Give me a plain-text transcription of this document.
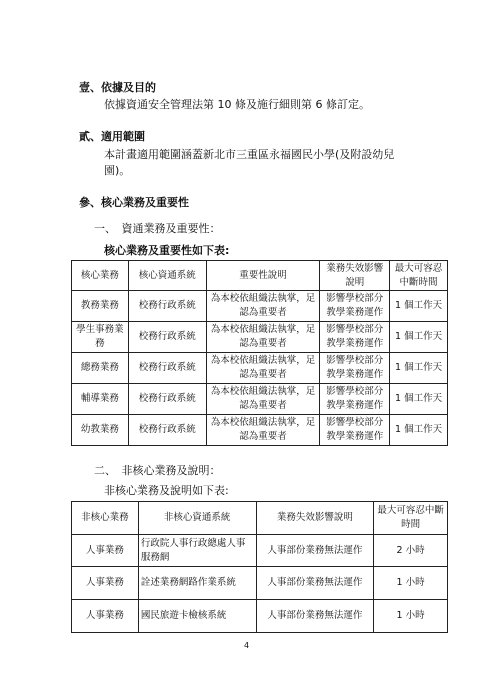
壹、依據及目的
依據資通安全管理法第 10 條及施行細則第 6 條訂定。
貳、適用範圍
本計畫適用範圍涵蓋新北市三重區永福國民小學(及附設幼兒
園)。
參、核心業務及重要性
一、　資通業務及重要性：
核心業務及重要性如下表:
核心業務	核心資通系統	重要性說明	業務失效影響說明	最大可容忍中斷時間
教務業務	校務行政系統	為本校依組織法執掌，足認為重要者	影響學校部分教學業務運作	1 個工作天
學生事務業務	校務行政系統	為本校依組織法執掌，足認為重要者	影響學校部分教學業務運作	1 個工作天
總務業務	校務行政系統	為本校依組織法執掌，足認為重要者	影響學校部分教學業務運作	1 個工作天
輔導業務	校務行政系統	為本校依組織法執掌，足認為重要者	影響學校部分教學業務運作	1 個工作天
幼教業務	校務行政系統	為本校依組織法執掌，足認為重要者	影響學校部分教學業務運作	1 個工作天
二、　非核心業務及說明：
非核心業務及說明如下表:
非核心業務	非核心資通系統	業務失效影響說明	最大可容忍中斷時間
人事業務	行政院人事行政總處人事服務網	人事部份業務無法運作	2 小時
人事業務	詮述業務網路作業系統	人事部份業務無法運作	1 小時
人事業務	國民旅遊卡檢核系統	人事部份業務無法運作	1 小時
4
